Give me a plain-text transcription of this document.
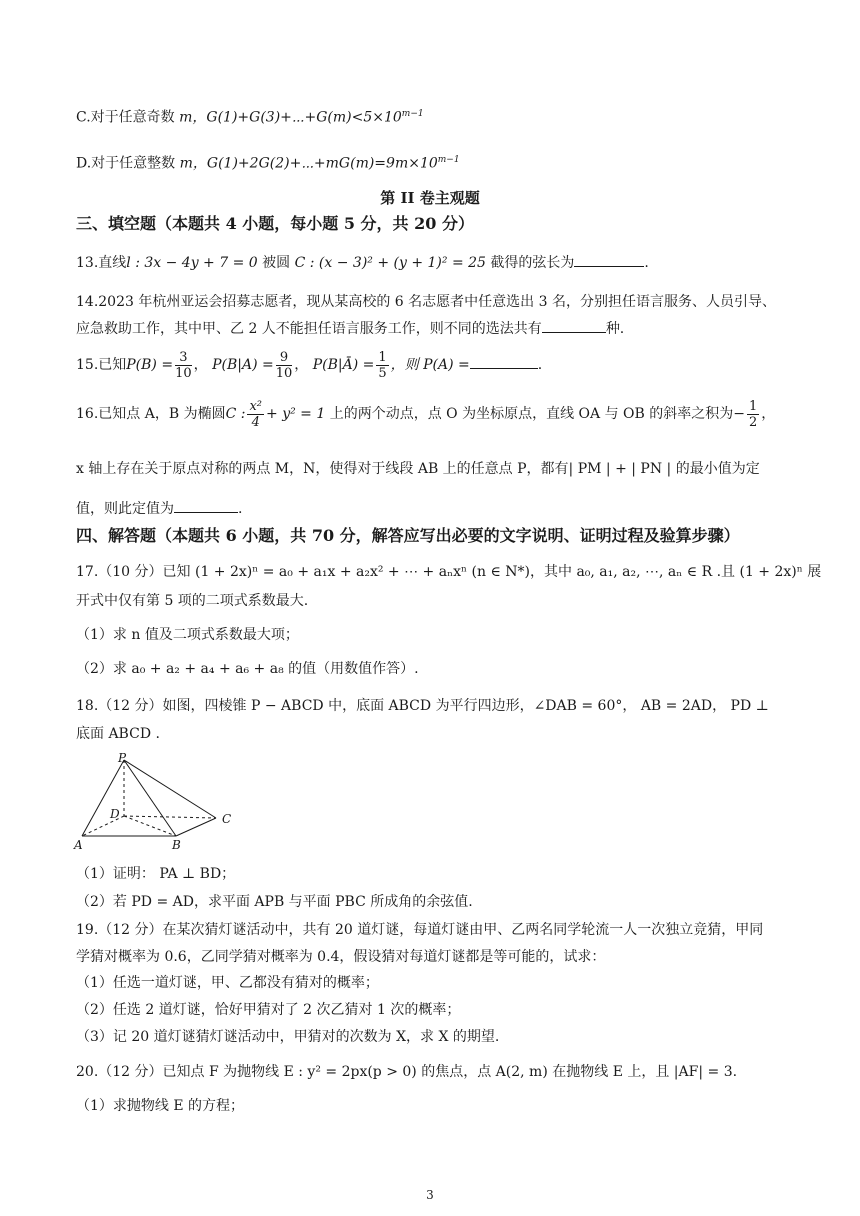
C.对于任意奇数 m，$G(1)+G(3)+\cdots+G(m)<5\times 10^{m-1}$
D.对于任意整数 m，$G(1)+2G(2)+\cdots+mG(m)=9m\times 10^{m-1}$
第 II 卷主观题
三、填空题（本题共 4 小题，每小题 5 分，共 20 分）
13.直线l : 3x − 4y + 7 = 0 被圆 C : (x − 3)² + (y + 1)² = 25 截得的弦长为	.
14.2023 年杭州亚运会招募志愿者，现从某高校的 6 名志愿者中任意选出 3 名，分别担任语言服务、人员引导、
应急救助工作，其中甲、乙 2 人不能担任语言服务工作，则不同的选法共有	种.
15.已知$P(B) = \frac{3}{10}$ ， $P(B|A) = \frac{9}{10}$ ， P(B|Ā) = $\frac{1}{5}$ ，则 P(A) =	.
16.已知点 A，B 为椭圆C : $\frac{\text{x²}}{4} + y^2 = 1$ 上的两个动点，点 O 为坐标原点，直线 OA 与 OB 的斜率之积为− $\frac{1}{2}$ ，
x 轴上存在关于原点对称的两点 M，N，使得对于线段 AB 上的任意点 P，都有| PM | + | PN | 的最小值为定
值，则此定值为	.
四、解答题（本题共 6 小题，共 70 分，解答应写出必要的文字说明、证明过程及验算步骤）
17.（10 分）已知 (1 + 2x)ⁿ = a₀ + a₁x + a₂x² + ⋯ + aₙxⁿ (n ∈ N*)，其中 a₀, a₁, a₂, ⋯, aₙ ∈ R .且 (1 + 2x)ⁿ 展
开式中仅有第 5 项的二项式系数最大.
（1）求 n 值及二项式系数最大项；
（2）求 a₀ + a₂ + a₄ + a₆ + a₈ 的值（用数值作答）.
18.（12 分）如图，四棱锥 P − ABCD 中，底面 ABCD 为平行四边形，∠DAB = 60°， AB = 2AD， PD ⊥
底面 ABCD .
P
D
A	B
C
（1）证明： PA ⊥ BD；
（2）若 PD = AD，求平面 APB 与平面 PBC 所成角的余弦值.
19.（12 分）在某次猜灯谜活动中，共有 20 道灯谜，每道灯谜由甲、乙两名同学轮流一人一次独立竞猜，甲同
学猜对概率为 0.6，乙同学猜对概率为 0.4，假设猜对每道灯谜都是等可能的，试求：
（1）任选一道灯谜，甲、乙都没有猜对的概率；
（2）任选 2 道灯谜，恰好甲猜对了 2 次乙猜对 1 次的概率；
（3）记 20 道灯谜猜灯谜活动中，甲猜对的次数为 X，求 X 的期望.
20.（12 分）已知点 F 为抛物线 E : y² = 2px(p > 0) 的焦点，点 A(2, m) 在抛物线 E 上，且 |AF| = 3.
（1）求抛物线 E 的方程；
3
